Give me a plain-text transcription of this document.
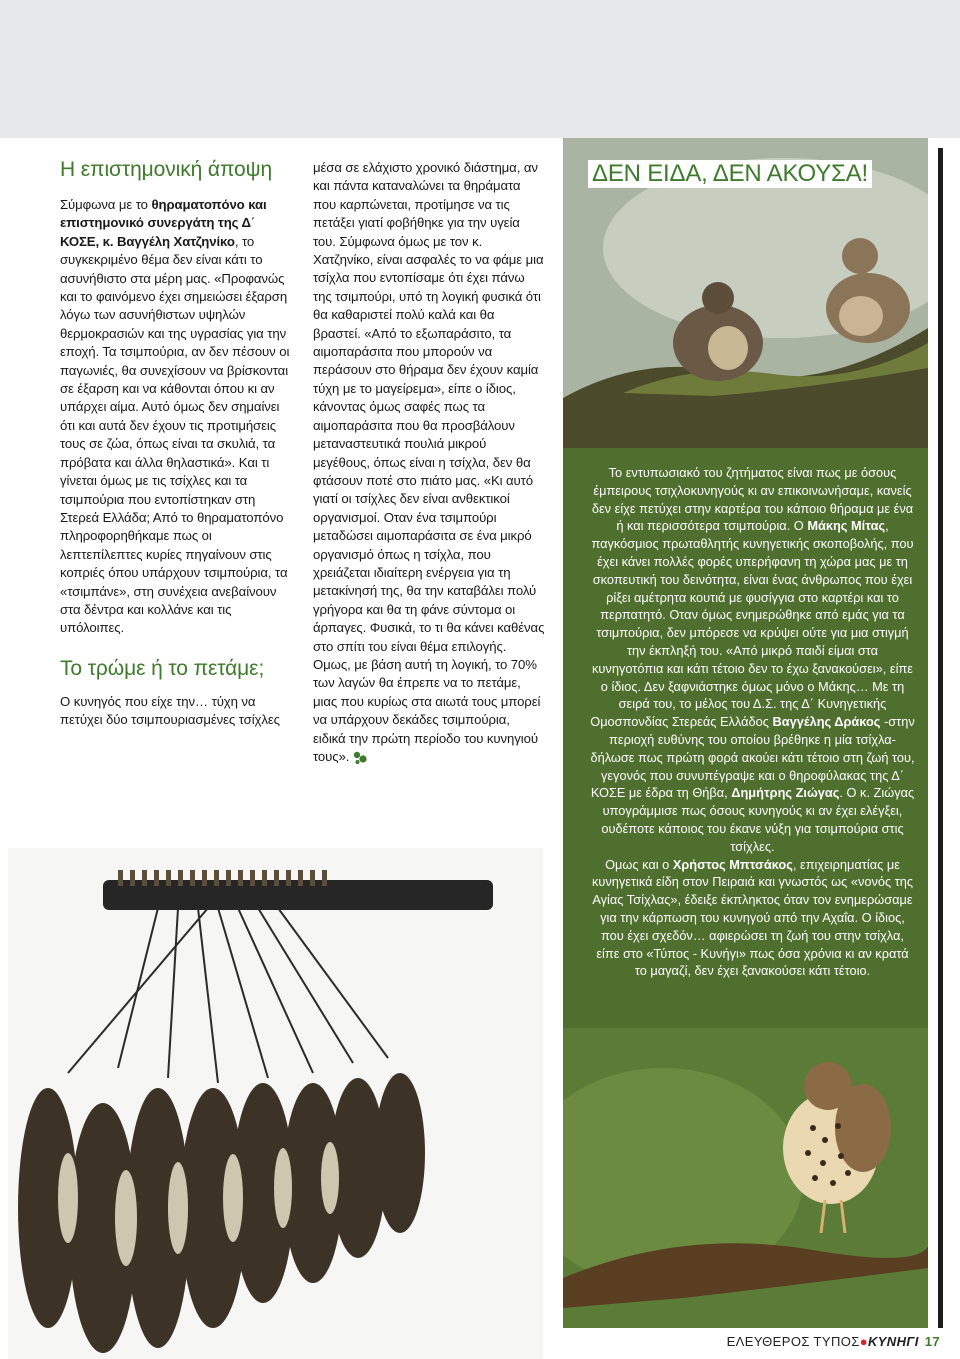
Η επιστημονική άποψη

Σύμφωνα με το θηραματοπόνο και επιστημονικό συνεργάτη της Δ΄ ΚΟΣΕ, κ. Βαγγέλη Χατζηνίκο, το συγκεκριμένο θέμα δεν είναι κάτι το ασυνήθιστο στα μέρη μας. «Προφανώς και το φαινόμενο έχει σημειώσει έξαρση λόγω των ασυνήθιστων υψηλών θερμοκρασιών και της υγρασίας για την εποχή. Τα τσιμπούρια, αν δεν πέσουν οι παγωνιές, θα συνεχίσουν να βρίσκονται σε έξαρση και να κάθονται όπου κι αν υπάρχει αίμα. Αυτό όμως δεν σημαίνει ότι και αυτά δεν έχουν τις προτιμήσεις τους σε ζώα, όπως είναι τα σκυλιά, τα πρόβατα και άλλα θηλαστικά». Και τι γίνεται όμως με τις τσίχλες και τα τσιμπούρια που εντοπίστηκαν στη Στερεά Ελλάδα; Από το θηραματοπόνο πληροφορηθήκαμε πως οι λεπτεπίλεπτες κυρίες πηγαίνουν στις κοπριές όπου υπάρχουν τσιμπούρια, τα «τσιμπάνε», στη συνέχεια ανεβαίνουν στα δέντρα και κολλάνε και τις υπόλοιπες.

Το τρώμε ή το πετάμε;

Ο κυνηγός που είχε την… τύχη να πετύχει δύο τσιμπουριασμένες τσίχλες

μέσα σε ελάχιστο χρονικό διάστημα, αν και πάντα καταναλώνει τα θηράματα που καρπώνεται, προτίμησε να τις πετάξει γιατί φοβήθηκε για την υγεία του. Σύμφωνα όμως με τον κ. Χατζηνίκο, είναι ασφαλές το να φάμε μια τσίχλα που εντοπίσαμε ότι έχει πάνω της τσιμπούρι, υπό τη λογική φυσικά ότι θα καθαριστεί πολύ καλά και θα βραστεί. «Από το εξωπαράσιτο, τα αιμοπαράσιτα που μπορούν να περάσουν στο θήραμα δεν έχουν καμία τύχη με το μαγείρεμα», είπε ο ίδιος, κάνοντας όμως σαφές πως τα αιμοπαράσιτα που θα προσβάλουν μεταναστευτικά πουλιά μικρού μεγέθους, όπως είναι η τσίχλα, δεν θα φτάσουν ποτέ στο πιάτο μας. «Κι αυτό γιατί οι τσίχλες δεν είναι ανθεκτικοί οργανισμοί. Οταν ένα τσιμπούρι μεταδώσει αιμοπαράσιτα σε ένα μικρό οργανισμό όπως η τσίχλα, που χρειάζεται ιδιαίτερη ενέργεια για τη μετακίνησή της, θα την καταβάλει πολύ γρήγορα και θα τη φάνε σύντομα οι άρπαγες. Φυσικά, το τι θα κάνει καθένας στο σπίτι του είναι θέμα επιλογής. Ομως, με βάση αυτή τη λογική, το 70% των λαγών θα έπρεπε να το πετάμε, μιας που κυρίως στα αιωτά τους μπορεί να υπάρχουν δεκάδες τσιμπούρια, ειδικά την πρώτη περίοδο του κυνηγιού τους».

ΔΕΝ ΕΙΔΑ, ΔΕΝ ΑΚΟΥΣΑ!

Το εντυπωσιακό του ζητήματος είναι πως με όσους έμπειρους τσιχλοκυνηγούς κι αν επικοινωνήσαμε, κανείς δεν είχε πετύχει στην καρτέρα του κάποιο θήραμα με ένα ή και περισσότερα τσιμπούρια. Ο Μάκης Μίτας, παγκόσμιος πρωταθλητής κυνηγετικής σκοποβολής, που έχει κάνει πολλές φορές υπερήφανη τη χώρα μας με τη σκοπευτική του δεινότητα, είναι ένας άνθρωπος που έχει ρίξει αμέτρητα κουτιά με φυσίγγια στο καρτέρι και το περπατητό. Οταν όμως ενημερώθηκε από εμάς για τα τσιμπούρια, δεν μπόρεσε να κρύψει ούτε για μια στιγμή την έκπληξή του. «Από μικρό παιδί είμαι στα κυνηγοτόπια και κάτι τέτοιο δεν το έχω ξανακούσει», είπε ο ίδιος. Δεν ξαφνιάστηκε όμως μόνο ο Μάκης… Με τη σειρά του, το μέλος του Δ.Σ. της Δ΄ Κυνηγετικής Ομοσπονδίας Στερεάς Ελλάδος Βαγγέλης Δράκος -στην περιοχή ευθύνης του οποίου βρέθηκε η μία τσίχλα- δήλωσε πως πρώτη φορά ακούει κάτι τέτοιο στη ζωή του, γεγονός που συνυπέγραψε και ο θηροφύλακας της Δ΄ ΚΟΣΕ με έδρα τη Θήβα, Δημήτρης Ζιώγας. Ο κ. Ζιώγας υπογράμμισε πως όσους κυνηγούς κι αν έχει ελέγξει, ουδέποτε κάποιος του έκανε νύξη για τσιμπούρια στις τσίχλες.

Ομως και ο Χρήστος Μπτσάκος, επιχειρηματίας με κυνηγετικά είδη στον Πειραιά και γνωστός ως «νονός της Αγίας Τσίχλας», έδειξε έκπληκτος όταν τον ενημερώσαμε για την κάρπωση του κυνηγού από την Αχαΐα. Ο ίδιος, που έχει σχεδόν… αφιερώσει τη ζωή του στην τσίχλα, είπε στο «Τύπος - Κυνήγι» πως όσα χρόνια κι αν κρατά το μαγαζί, δεν έχει ξανακούσει κάτι τέτοιο.

ΕΛΕΥΘΕΡΟΣ ΤΥΠΟΣ●ΚΥΝΗΓΙ 17
